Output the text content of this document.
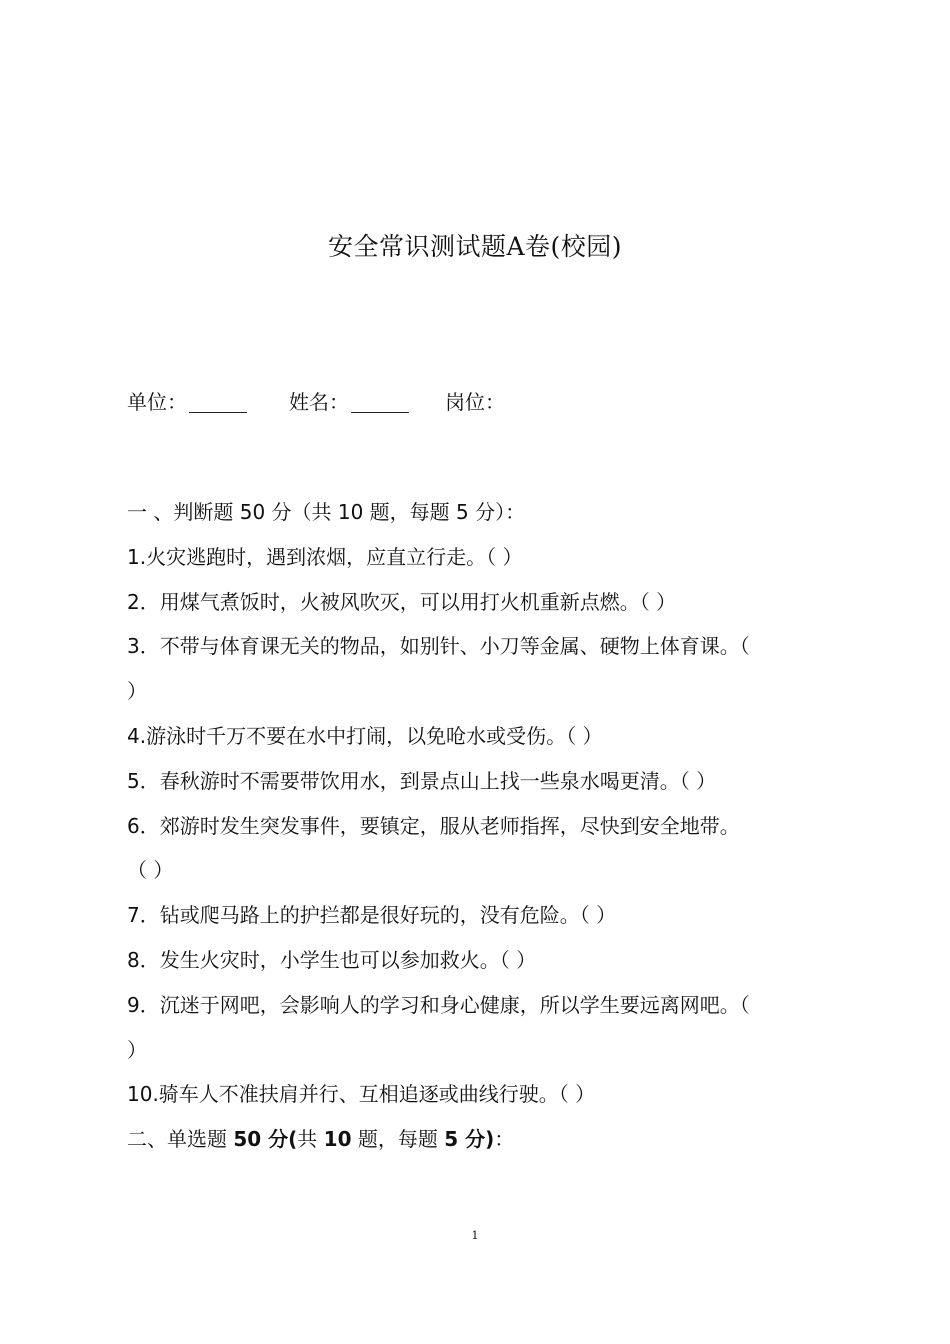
安全常识测试题A卷(校园)
单位：	姓名：	岗位：
一 、判断题 50 分（共 10 题，每题 5 分）：
1.火灾逃跑时，遇到浓烟，应直立行走。（ ）
2．用煤气煮饭时，火被风吹灭，可以用打火机重新点燃。（ ）
3．不带与体育课无关的物品，如别针、小刀等金属、硬物上体育课。（
）
4.游泳时千万不要在水中打闹，以免呛水或受伤。（ ）
5．春秋游时不需要带饮用水，到景点山上找一些泉水喝更清。（ ）
6．郊游时发生突发事件，要镇定，服从老师指挥，尽快到安全地带。
（ ）
7．钻或爬马路上的护拦都是很好玩的，没有危险。（ ）
8．发生火灾时，小学生也可以参加救火。（ ）
9．沉迷于网吧，会影响人的学习和身心健康，所以学生要远离网吧。（
）
10.骑车人不准扶肩并行、互相追逐或曲线行驶。（ ）
二、单选题 50 分(共 10 题，每题 5 分)：
1
